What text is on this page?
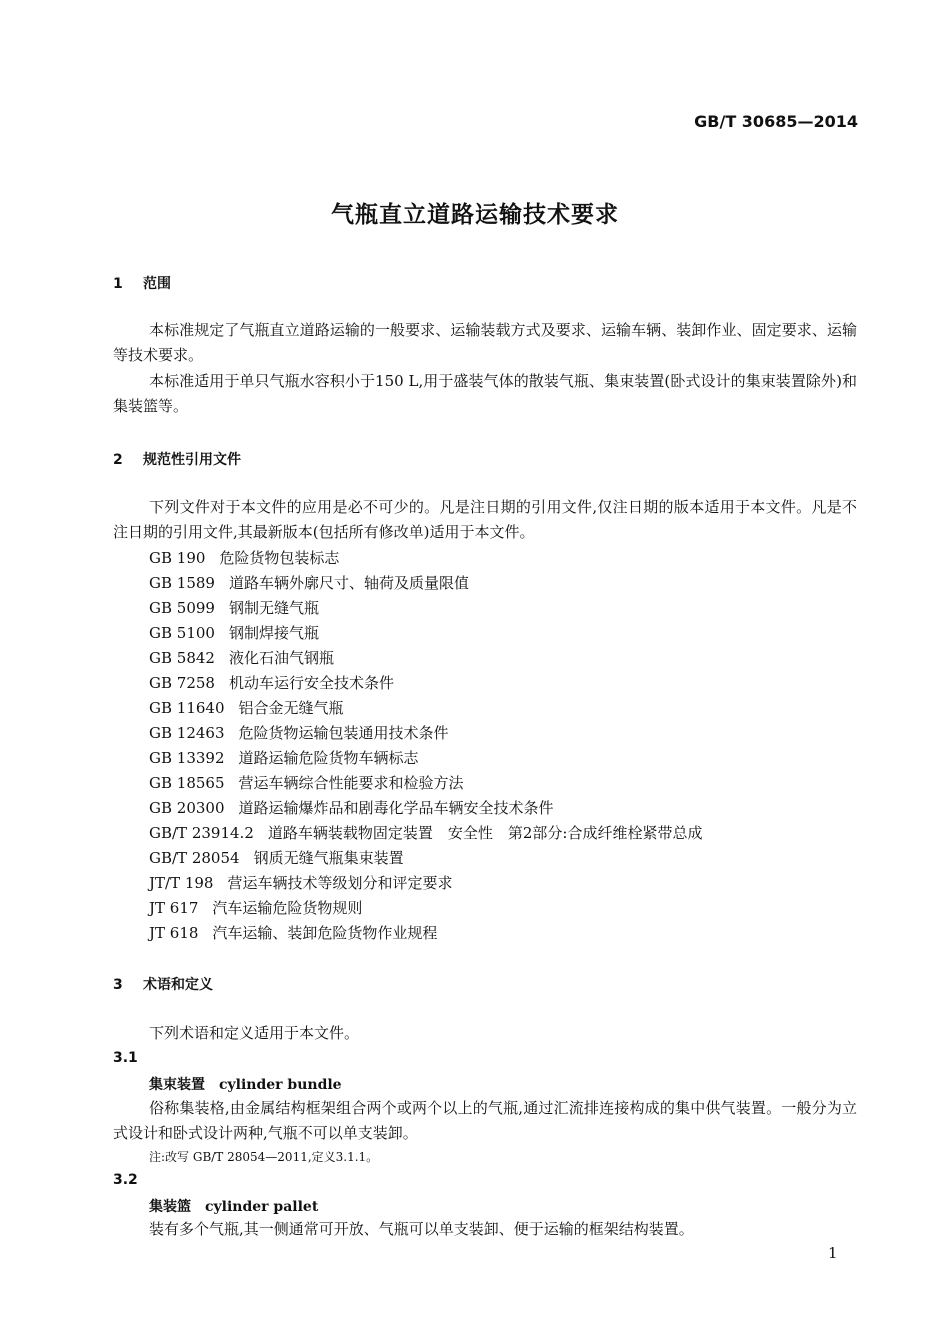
GB/T 30685—2014
气瓶直立道路运输技术要求
1 范围

本标准规定了气瓶直立道路运输的一般要求、运输装载方式及要求、运输车辆、装卸作业、固定要求、运输等技术要求。

本标准适用于单只气瓶水容积小于150 L,用于盛装气体的散装气瓶、集束装置(卧式设计的集束装置除外)和集装篮等。

2 规范性引用文件

下列文件对于本文件的应用是必不可少的。凡是注日期的引用文件,仅注日期的版本适用于本文件。凡是不注日期的引用文件,其最新版本(包括所有修改单)适用于本文件。

GB 190 危险货物包装标志
GB 1589 道路车辆外廓尺寸、轴荷及质量限值
GB 5099 钢制无缝气瓶
GB 5100 钢制焊接气瓶
GB 5842 液化石油气钢瓶
GB 7258 机动车运行安全技术条件
GB 11640 铝合金无缝气瓶
GB 12463 危险货物运输包装通用技术条件
GB 13392 道路运输危险货物车辆标志
GB 18565 营运车辆综合性能要求和检验方法
GB 20300 道路运输爆炸品和剧毒化学品车辆安全技术条件
GB/T 23914.2 道路车辆装载物固定装置　安全性　第2部分:合成纤维栓紧带总成
GB/T 28054 钢质无缝气瓶集束装置
JT/T 198 营运车辆技术等级划分和评定要求
JT 617 汽车运输危险货物规则
JT 618 汽车运输、装卸危险货物作业规程
3 术语和定义
下列术语和定义适用于本文件。
3.1
集束装置 cylinder bundle

俗称集装格,由金属结构框架组合两个或两个以上的气瓶,通过汇流排连接构成的集中供气装置。一般分为立式设计和卧式设计两种,气瓶不可以单支装卸。

注:改写 GB/T 28054—2011,定义3.1.1。
3.2
集装篮 cylinder pallet
装有多个气瓶,其一侧通常可开放、气瓶可以单支装卸、便于运输的框架结构装置。
1
